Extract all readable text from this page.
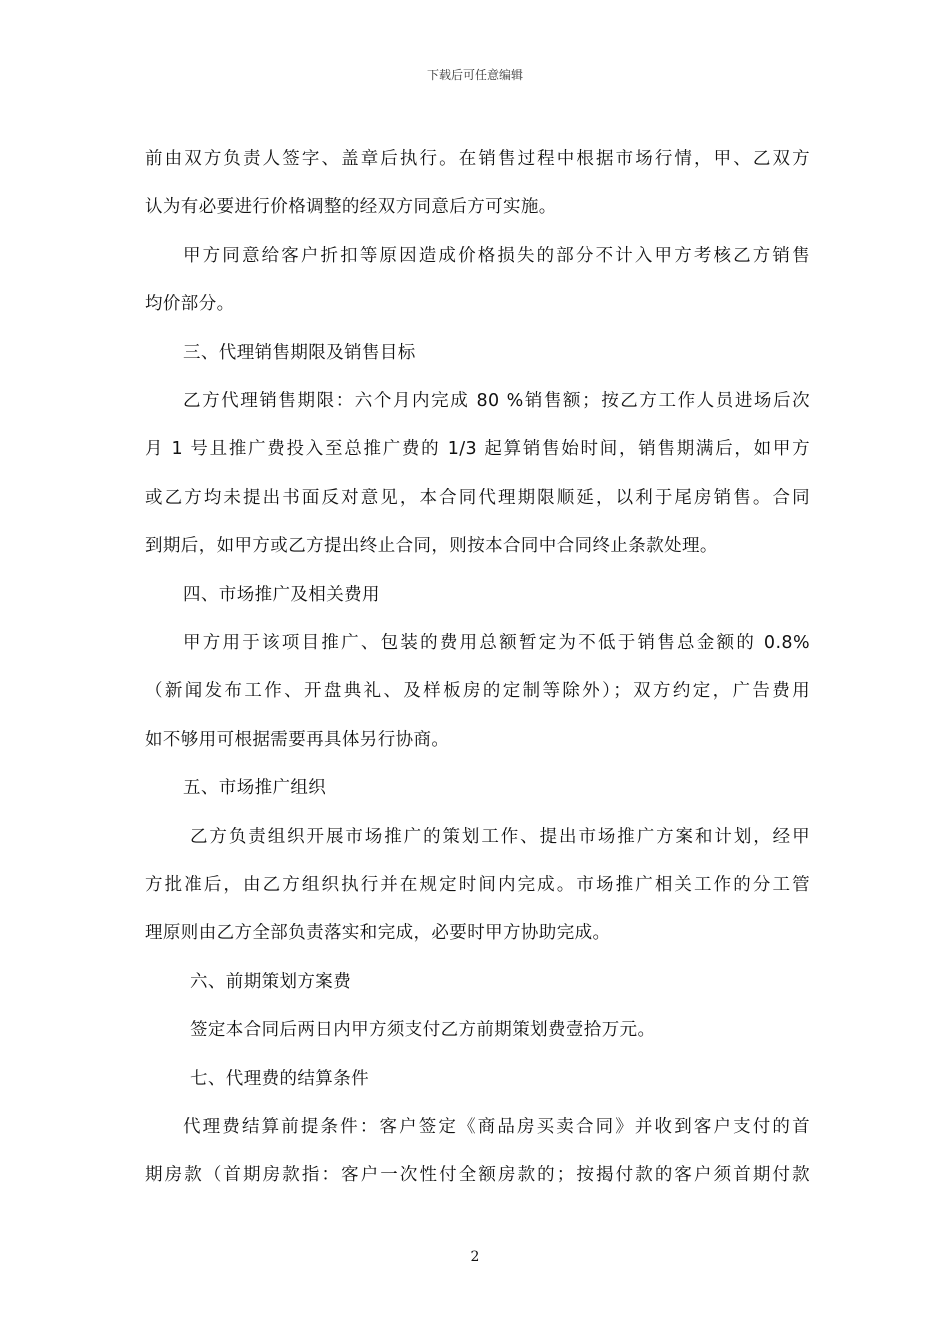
下载后可任意编辑
前由双方负责人签字、盖章后执行。在销售过程中根据市场行情，甲、乙双方
认为有必要进行价格调整的经双方同意后方可实施。
甲方同意给客户折扣等原因造成价格损失的部分不计入甲方考核乙方销售
均价部分。
三、代理销售期限及销售目标
乙方代理销售期限：六个月内完成 80 %销售额；按乙方工作人员进场后次
月 1 号且推广费投入至总推广费的 1/3 起算销售始时间，销售期满后，如甲方
或乙方均未提出书面反对意见，本合同代理期限顺延，以利于尾房销售。合同
到期后，如甲方或乙方提出终止合同，则按本合同中合同终止条款处理。
四、市场推广及相关费用
甲方用于该项目推广、包装的费用总额暂定为不低于销售总金额的 0.8%
（新闻发布工作、开盘典礼、及样板房的定制等除外）；双方约定，广告费用
如不够用可根据需要再具体另行协商。
五、市场推广组织
乙方负责组织开展市场推广的策划工作、提出市场推广方案和计划，经甲
方批准后，由乙方组织执行并在规定时间内完成。市场推广相关工作的分工管
理原则由乙方全部负责落实和完成，必要时甲方协助完成。
六、前期策划方案费
签定本合同后两日内甲方须支付乙方前期策划费壹拾万元。
七、代理费的结算条件
代理费结算前提条件：客户签定《商品房买卖合同》并收到客户支付的首
期房款（首期房款指：客户一次性付全额房款的；按揭付款的客户须首期付款
2
